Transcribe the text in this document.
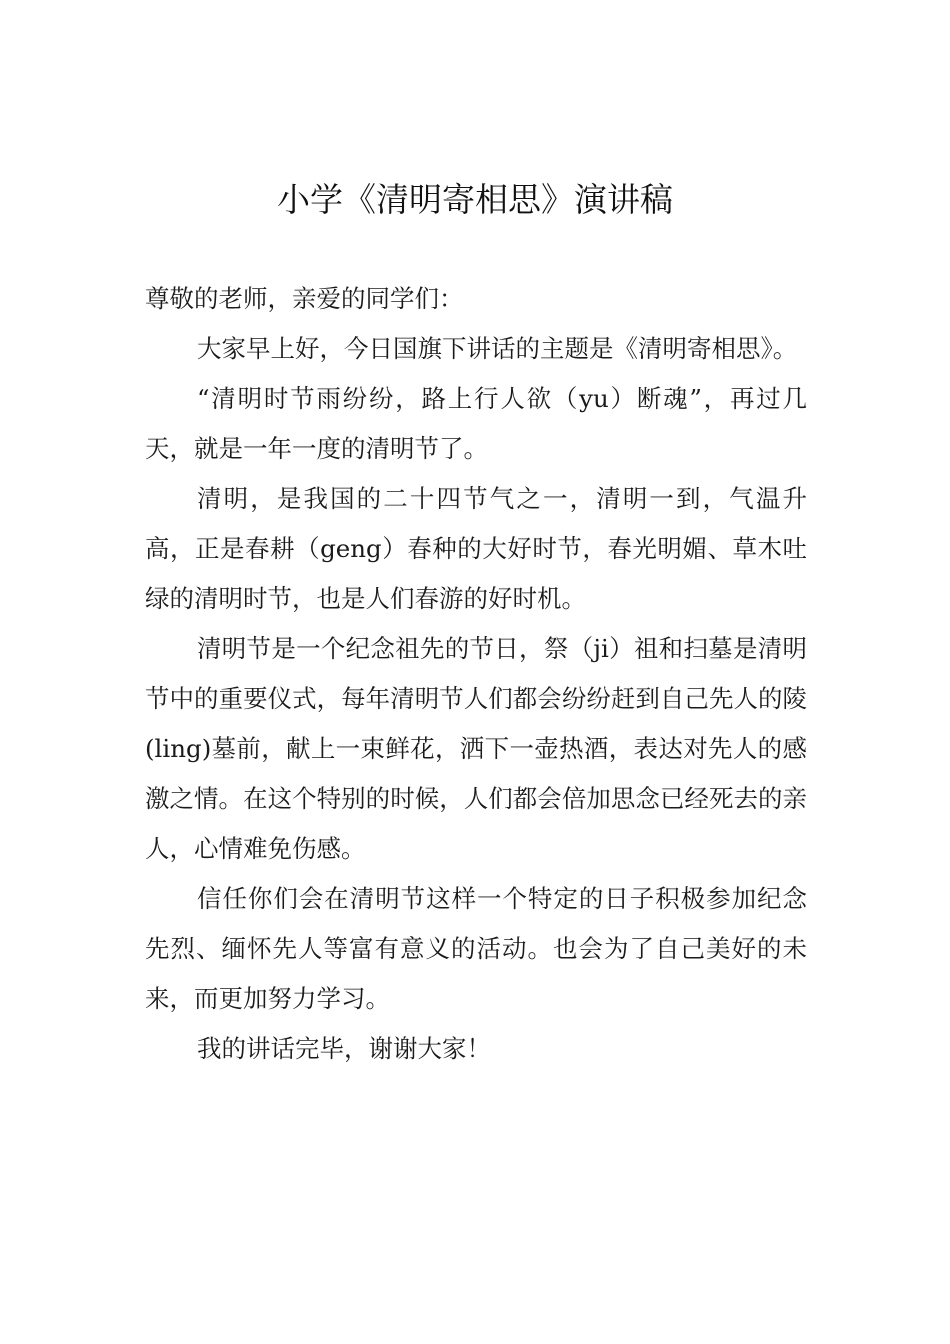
小学《清明寄相思》演讲稿

尊敬的老师，亲爱的同学们：

大家早上好，今日国旗下讲话的主题是《清明寄相思》。

“清明时节雨纷纷，路上行人欲（yu）断魂”，再过几天，就是一年一度的清明节了。

清明，是我国的二十四节气之一，清明一到，气温升高，正是春耕（geng）春种的大好时节，春光明媚、草木吐绿的清明时节，也是人们春游的好时机。

清明节是一个纪念祖先的节日，祭（ji）祖和扫墓是清明节中的重要仪式，每年清明节人们都会纷纷赶到自己先人的陵(ling)墓前，献上一束鲜花，洒下一壶热酒，表达对先人的感激之情。在这个特别的时候，人们都会倍加思念已经死去的亲人，心情难免伤感。

信任你们会在清明节这样一个特定的日子积极参加纪念先烈、缅怀先人等富有意义的活动。也会为了自己美好的未来，而更加努力学习。

我的讲话完毕，谢谢大家！
